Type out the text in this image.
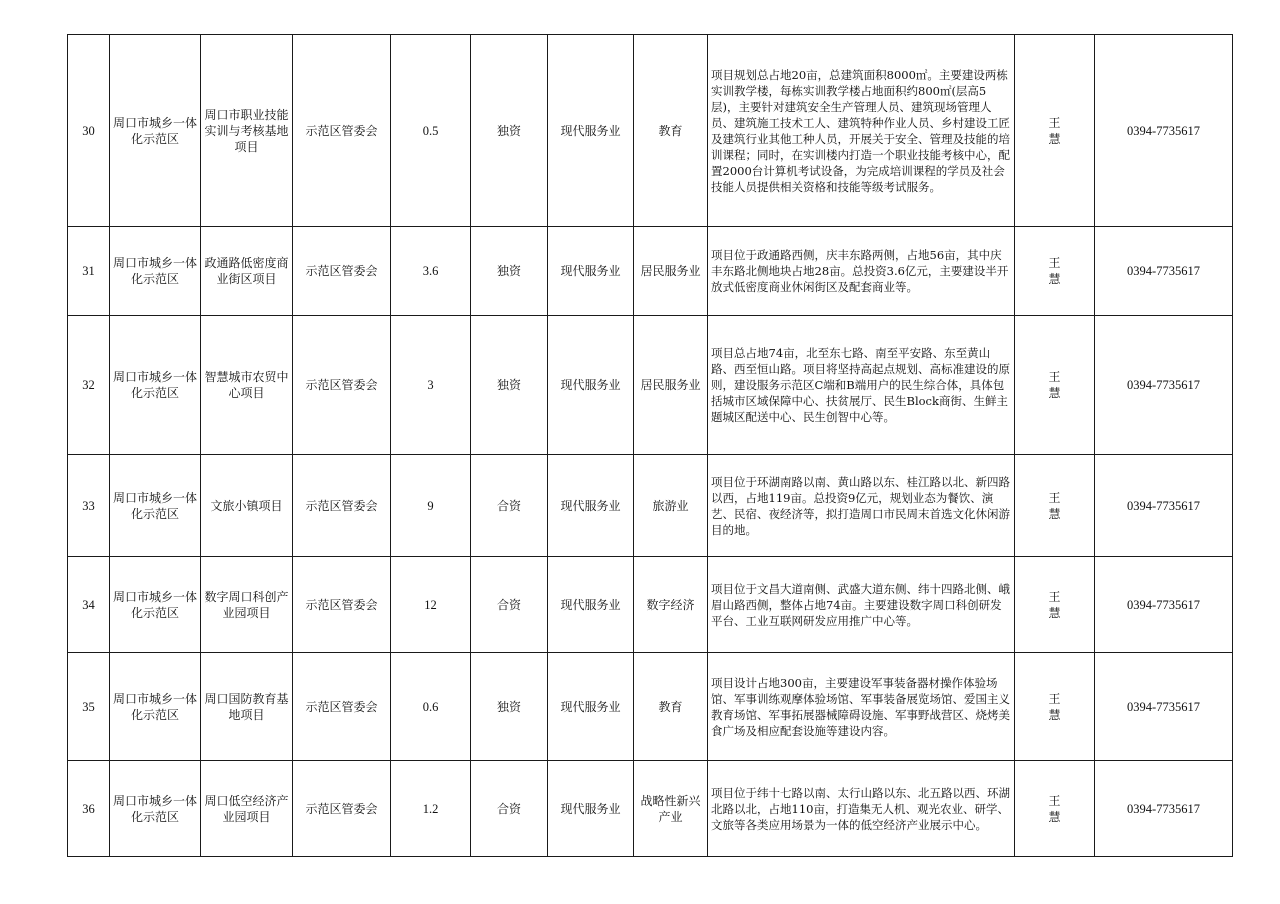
30	周口市城乡一体化示范区	周口市职业技能实训与考核基地项目	示范区管委会	0.5	独资	现代服务业	教育	项目规划总占地20亩，总建筑面积8000㎡。主要建设两栋实训教学楼，每栋实训教学楼占地面积约800㎡(层高5层)，主要针对建筑安全生产管理人员、建筑现场管理人员、建筑施工技术工人、建筑特种作业人员、乡村建设工匠及建筑行业其他工种人员，开展关于安全、管理及技能的培训课程；同时，在实训楼内打造一个职业技能考核中心，配置2000台计算机考试设备，为完成培训课程的学员及社会技能人员提供相关资格和技能等级考试服务。	王 慧	0394-7735617
31	周口市城乡一体化示范区	政通路低密度商业街区项目	示范区管委会	3.6	独资	现代服务业	居民服务业	项目位于政通路西侧，庆丰东路两侧，占地56亩，其中庆丰东路北侧地块占地28亩。总投资3.6亿元，主要建设半开放式低密度商业休闲街区及配套商业等。	王 慧	0394-7735617
32	周口市城乡一体化示范区	智慧城市农贸中心项目	示范区管委会	3	独资	现代服务业	居民服务业	项目总占地74亩，北至东七路、南至平安路、东至黄山路、西至恒山路。项目将坚持高起点规划、高标准建设的原则，建设服务示范区C端和B端用户的民生综合体，具体包括城市区域保障中心、扶贫展厅、民生Block商街、生鲜主题城区配送中心、民生创智中心等。	王 慧	0394-7735617
33	周口市城乡一体化示范区	文旅小镇项目	示范区管委会	9	合资	现代服务业	旅游业	项目位于环湖南路以南、黄山路以东、桂江路以北、新四路以西，占地119亩。总投资9亿元，规划业态为餐饮、演艺、民宿、夜经济等，拟打造周口市民周末首选文化休闲游目的地。	王 慧	0394-7735617
34	周口市城乡一体化示范区	数字周口科创产业园项目	示范区管委会	12	合资	现代服务业	数字经济	项目位于文昌大道南侧、武盛大道东侧、纬十四路北侧、峨眉山路西侧，整体占地74亩。主要建设数字周口科创研发平台、工业互联网研发应用推广中心等。	王 慧	0394-7735617
35	周口市城乡一体化示范区	周口国防教育基地项目	示范区管委会	0.6	独资	现代服务业	教育	项目设计占地300亩，主要建设军事装备器材操作体验场馆、军事训练观摩体验场馆、军事装备展览场馆、爱国主义教育场馆、军事拓展器械障碍设施、军事野战营区、烧烤美食广场及相应配套设施等建设内容。	王 慧	0394-7735617
36	周口市城乡一体化示范区	周口低空经济产业园项目	示范区管委会	1.2	合资	现代服务业	战略性新兴产业	项目位于纬十七路以南、太行山路以东、北五路以西、环湖北路以北，占地110亩，打造集无人机、观光农业、研学、文旅等各类应用场景为一体的低空经济产业展示中心。	王 慧	0394-7735617
